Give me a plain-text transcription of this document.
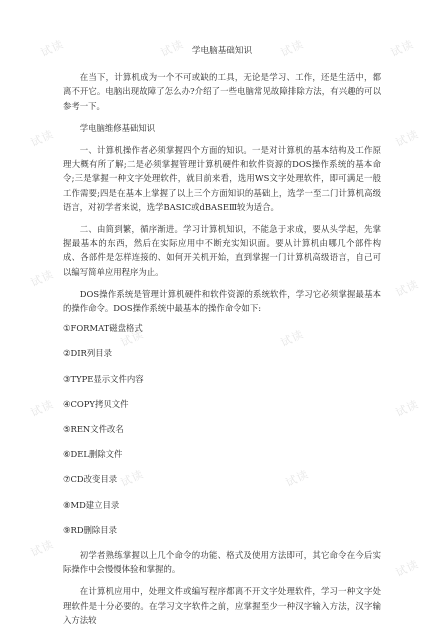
试读	试读	试读	试读
试读	试读
试读	试读
试读	试读
试读	试读
试读	试读
试读
试读
学电脑基础知识

在当下，计算机成为一个不可或缺的工具，无论是学习、工作，还是生活中，都离不开它。电脑出现故障了怎么办?介绍了一些电脑常见故障排除方法，有兴趣的可以参考一下。

学电脑维修基础知识

一、计算机操作者必须掌握四个方面的知识。一是对计算机的基本结构及工作原理大概有所了解;二是必须掌握管理计算机硬件和软件资源的DOS操作系统的基本命令;三是掌握一种文字处理软件，就目前来看，选用WS文字处理软件，即可满足一般工作需要;四是在基本上掌握了以上三个方面知识的基础上，选学一至二门计算机高级语言，对初学者来说，选学BASIC或dBASEⅢ较为适合。

二、由简到繁，循序渐进。学习计算机知识，不能急于求成，要从头学起，先掌握最基本的东西，然后在实际应用中不断充实知识面。要从计算机由哪几个部件构成、各部件是怎样连接的、如何开关机开始，直到掌握一门计算机高级语言，自己可以编写简单应用程序为止。

DOS操作系统是管理计算机硬件和软件资源的系统软件，学习它必须掌握最基本的操作命令。DOS操作系统中最基本的操作命令如下:

①FORMAT磁盘格式
②DIR列目录
③TYPE显示文件内容
④COPY拷贝文件
⑤REN文件改名
⑥DEL删除文件
⑦CD改变目录
⑧MD建立目录
⑨RD删除目录

初学者熟练掌握以上几个命令的功能、格式及使用方法即可，其它命令在今后实际操作中会慢慢体验和掌握的。

在计算机应用中，处理文件或编写程序都离不开文字处理软件，学习一种文字处理软件是十分必要的。在学习文字软件之前，应掌握至少一种汉字输入方法，汉字输入方法较
